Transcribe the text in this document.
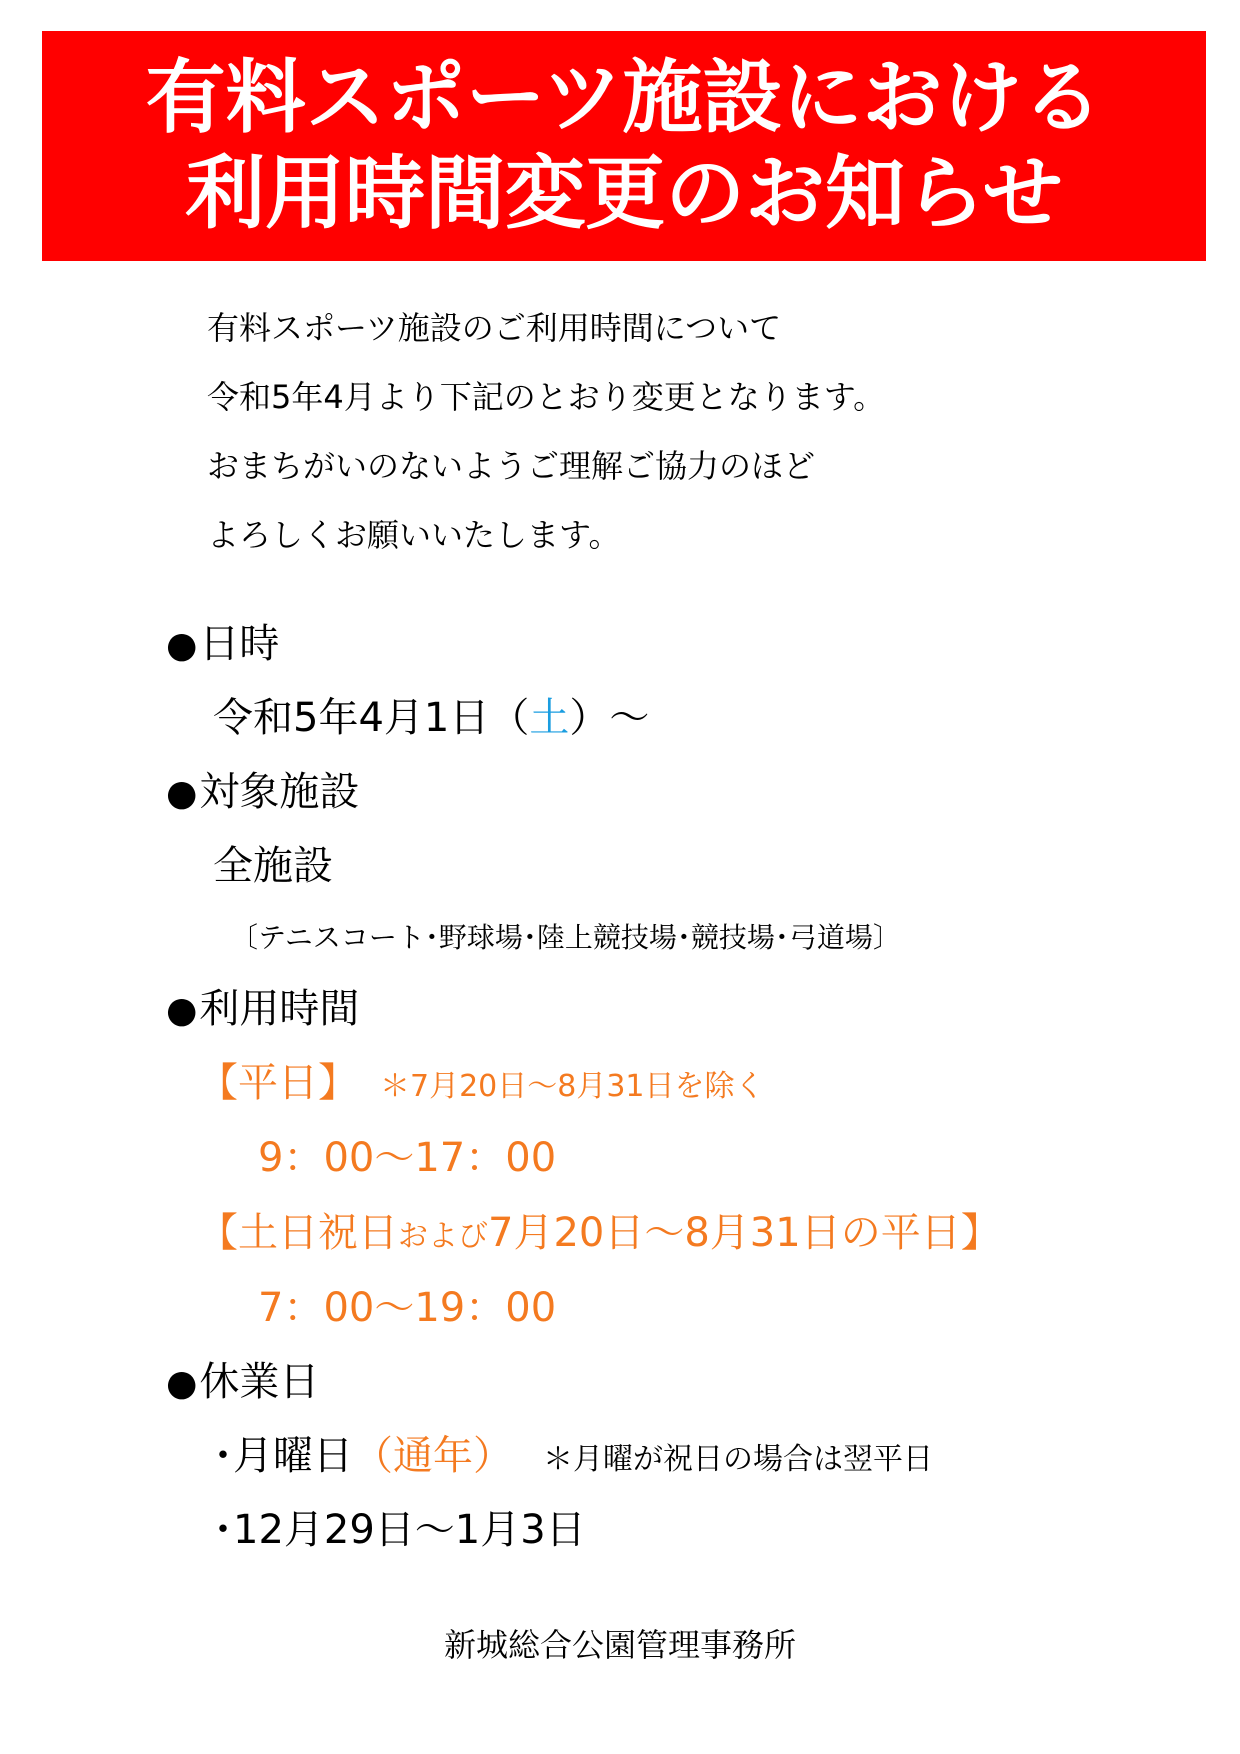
有料スポーツ施設における
利用時間変更のお知らせ
有料スポーツ施設のご利用時間について
令和5年4月より下記のとおり変更となります。
おまちがいのないようご理解ご協力のほど
よろしくお願いいたします。
●日時
令和5年4月1日（土）～
●対象施設
全施設
〔テニスコート･野球場･陸上競技場･競技場･弓道場〕
●利用時間
【平日】 ＊7月20日～8月31日を除く
9：00～17：00
【土日祝日および7月20日～8月31日の平日】
7：00～19：00
●休業日
･月曜日（通年） ＊月曜が祝日の場合は翌平日
･12月29日～1月3日
新城総合公園管理事務所
